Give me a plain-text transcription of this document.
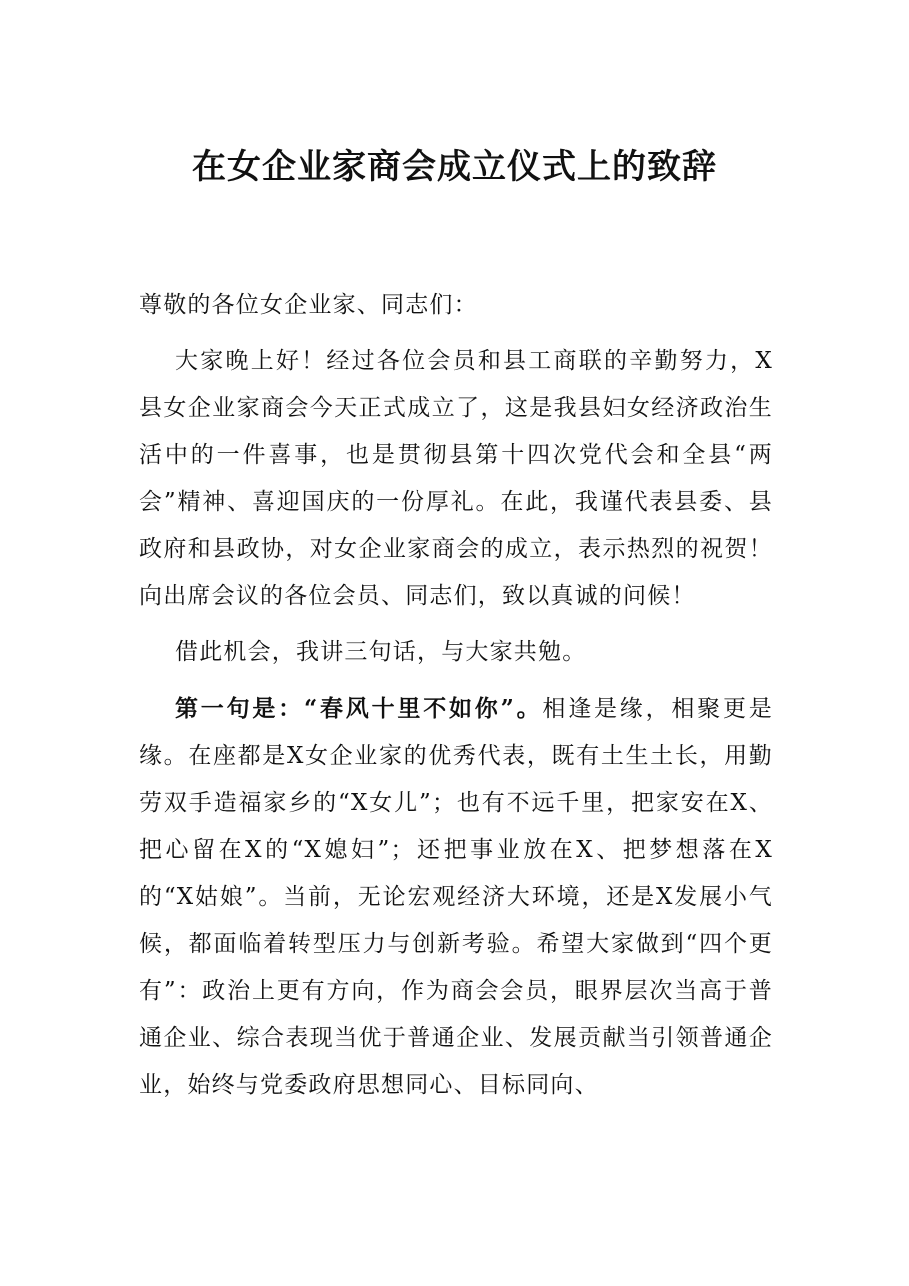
在女企业家商会成立仪式上的致辞

尊敬的各位女企业家、同志们：

大家晚上好！经过各位会员和县工商联的辛勤努力，X县女企业家商会今天正式成立了，这是我县妇女经济政治生活中的一件喜事，也是贯彻县第十四次党代会和全县“两会”精神、喜迎国庆的一份厚礼。在此，我谨代表县委、县政府和县政协，对女企业家商会的成立，表示热烈的祝贺！向出席会议的各位会员、同志们，致以真诚的问候！

借此机会，我讲三句话，与大家共勉。

第一句是：“春风十里不如你”。相逢是缘，相聚更是缘。在座都是X女企业家的优秀代表，既有土生土长，用勤劳双手造福家乡的“X女儿”；也有不远千里，把家安在X、把心留在X的“X媳妇”；还把事业放在X、把梦想落在X的“X姑娘”。当前，无论宏观经济大环境，还是X发展小气候，都面临着转型压力与创新考验。希望大家做到“四个更有”：政治上更有方向，作为商会会员，眼界层次当高于普通企业、综合表现当优于普通企业、发展贡献当引领普通企业，始终与党委政府思想同心、目标同向、
